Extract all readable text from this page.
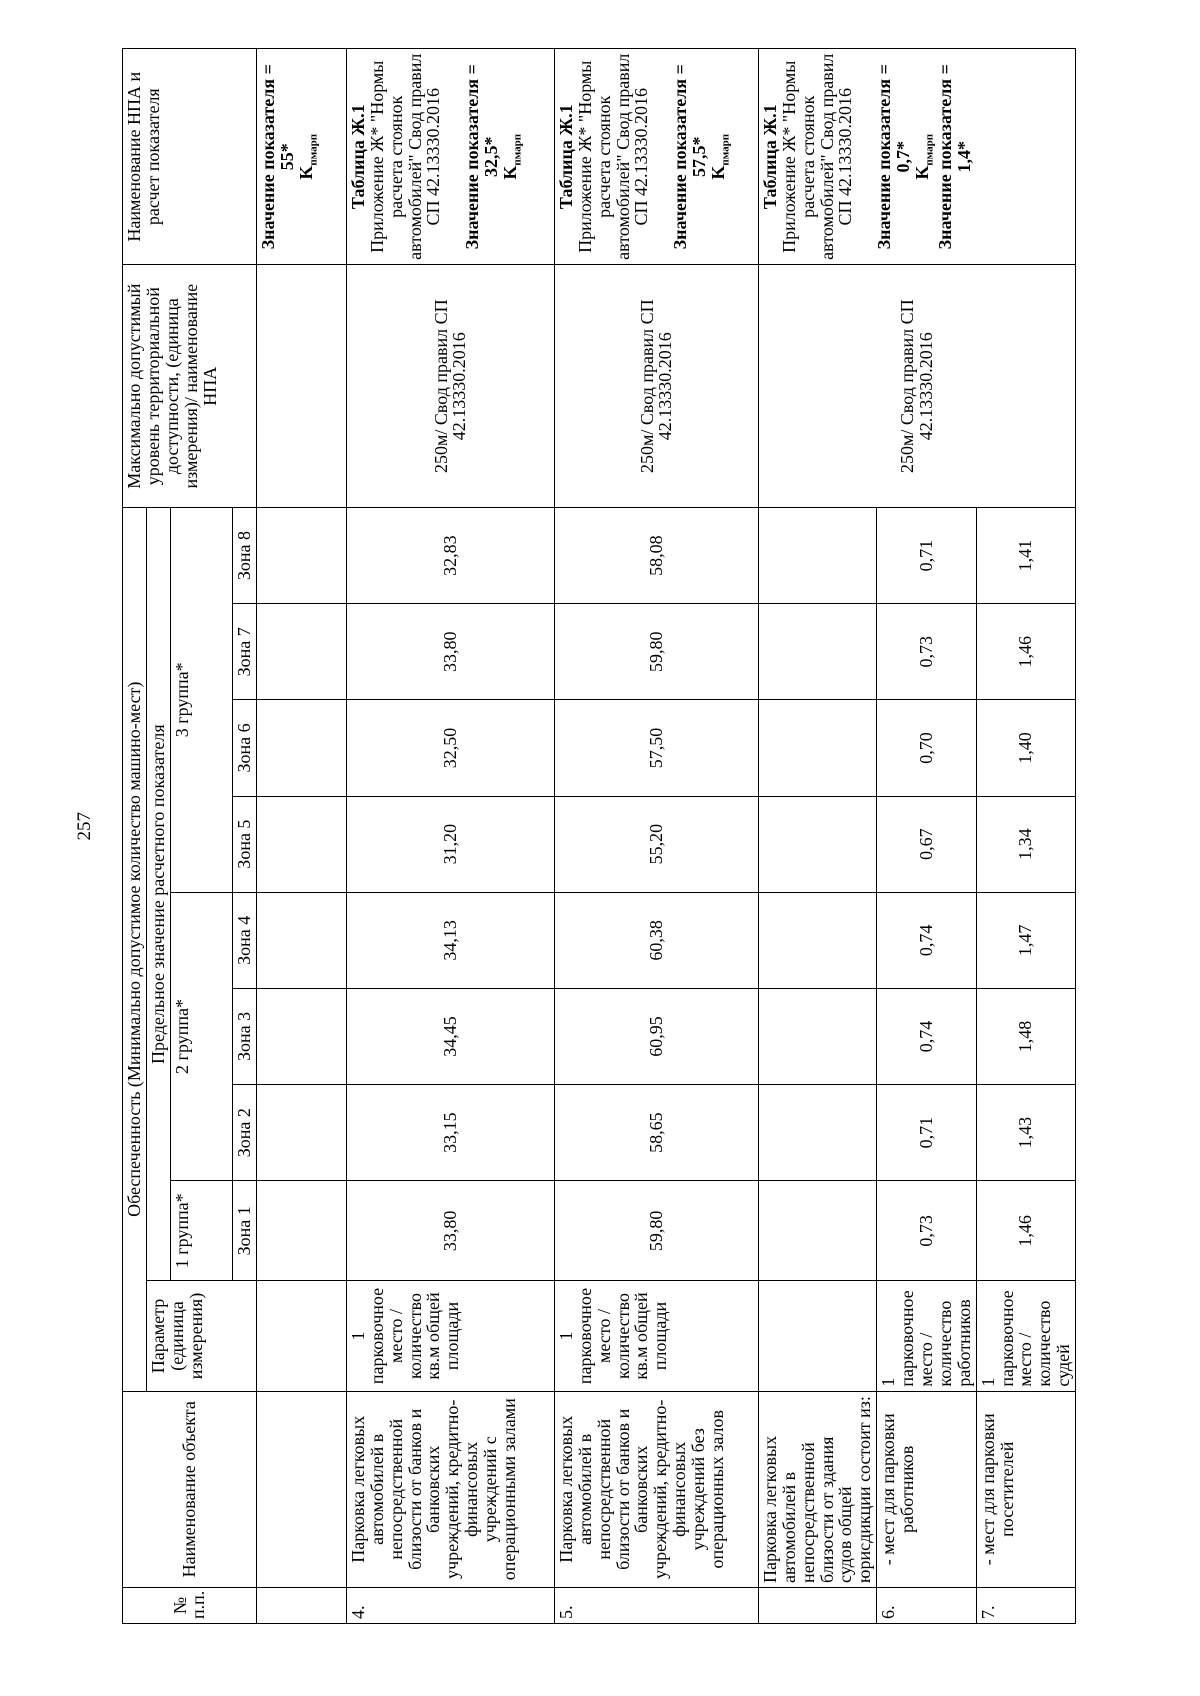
257
№ п.п.	Наименование объекта	Обеспеченность (Минимально допустимое количество машино-мест)									Максимально допустимый уровень территориальной доступности, (единица измерения)/ наименование НПА	Наименование НПА и расчет показателя
		Параметр (единица измерения)	Предельное значение расчетного показателя									
			1 группа*	2 группа*			3 группа*					
			Зона 1	Зона 2	Зона 3	Зона 4	Зона 5	Зона 6	Зона 7	Зона 8		

												Значение показателя = 55*
$K_{пмарп}$

4.	Парковка легковых автомобилей в непосредственной близости от банков и банковских учреждений, кредитно-финансовых учреждений с операционными залами	1 парковочное место / количество кв.м общей площади	33,80	33,15	34,45	34,13	31,20	32,50	33,80	32,83	250м/ Свод правил СП 42.13330.2016	Таблица Ж.1
Приложение Ж* "Нормы расчета стоянок автомобилей" Свод правил СП 42.13330.2016 Значение показателя = 32,5*
$K_{пмарп}$

5.	Парковка легковых автомобилей в непосредственной близости от банков и банковских учреждений, кредитно-финансовых учреждений без операционных залов	1 парковочное место / количество кв.м общей площади	59,80	58,65	60,95	60,38	55,20	57,50	59,80	58,08	250м/ Свод правил СП 42.13330.2016	Таблица Ж.1
Приложение Ж* "Нормы расчета стоянок автомобилей" Свод правил СП 42.13330.2016 Значение показателя = 57,5*
$K_{пмарп}$

	Парковка легковых автомобилей в непосредственной близости от здания судов общей юрисдикции состоит из:										250м/ Свод правил СП 42.13330.2016	Таблица Ж.1
Приложение Ж* "Нормы расчета стоянок автомобилей" Свод правил СП 42.13330.2016 Значение показателя = 0,7*
$K_{пмарп}$ Значение показателя = 1,4*

6.	- мест для парковки работников	1 парковочное место / количество работников	0,73	0,71	0,74	0,74	0,67	0,70	0,73	0,71		
7.	- мест для парковки посетителей	1 парковочное место / количество судей	1,46	1,43	1,48	1,47	1,34	1,40	1,46	1,41		
